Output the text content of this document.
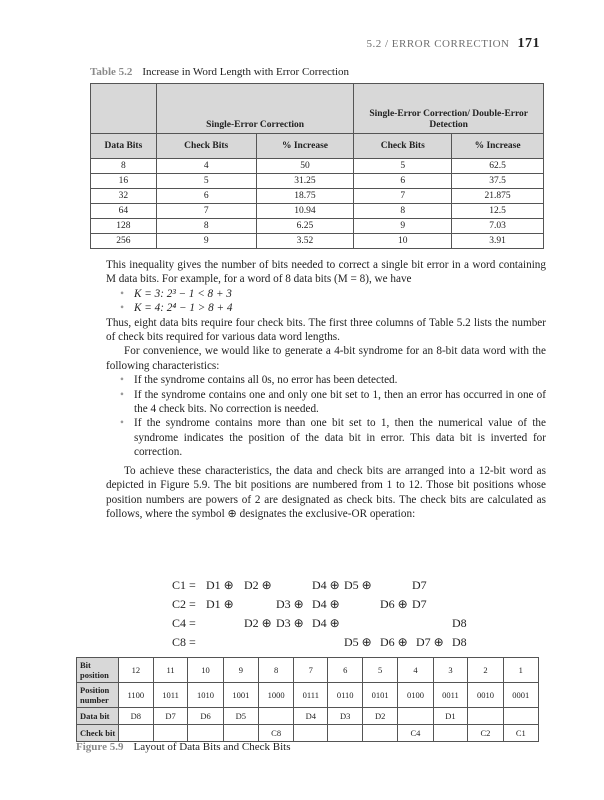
5.2 / ERROR CORRECTION 171
Table 5.2 Increase in Word Length with Error Correction
	Single-Error Correction		Single-Error Correction/ Double-Error Detection	
Data Bits	Check Bits	% Increase	Check Bits	% Increase
8	4	50	5	62.5
16	5	31.25	6	37.5
32	6	18.75	7	21.875
64	7	10.94	8	12.5
128	8	6.25	9	7.03
256	9	3.52	10	3.91

This inequality gives the number of bits needed to correct a single bit error in a word containing M data bits. For example, for a word of 8 data bits (M = 8), we have

• K = 3: 2³ − 1 < 8 + 3

• K = 4: 2⁴ − 1 > 8 + 4

Thus, eight data bits require four check bits. The first three columns of Table 5.2 lists the number of check bits required for various data word lengths.

For convenience, we would like to generate a 4-bit syndrome for an 8-bit data word with the following characteristics:

• If the syndrome contains all 0s, no error has been detected.

• If the syndrome contains one and only one bit set to 1, then an error has occurred in one of the 4 check bits. No correction is needed.

• If the syndrome contains more than one bit set to 1, then the numerical value of the syndrome indicates the position of the data bit in error. This data bit is inverted for correction.

To achieve these characteristics, the data and check bits are arranged into a 12-bit word as depicted in Figure 5.9. The bit positions are numbered from 1 to 12. Those bit positions whose position numbers are powers of 2 are designated as check bits. The check bits are calculated as follows, where the symbol ⊕ designates the exclusive-OR operation:

C1 = D1 ⊕ D2 ⊕	D4 ⊕ D5 ⊕	D7
C2 = D1 ⊕	D3 ⊕ D4 ⊕	D6 ⊕ D7
C4 =	D2 ⊕ D3 ⊕ D4 ⊕	D8
C8 =	D5 ⊕ D6 ⊕ D7 ⊕ D8
Bit position	12	11	10	9	8	7	6	5	4	3	2	1
Position number	1100	1011	1010	1001	1000	0111	0110	0101	0100	0011	0010	0001
Data bit	D8	D7	D6	D5		D4	D3	D2		D1		
Check bit					C8				C4		C2	C1
Figure 5.9 Layout of Data Bits and Check Bits
